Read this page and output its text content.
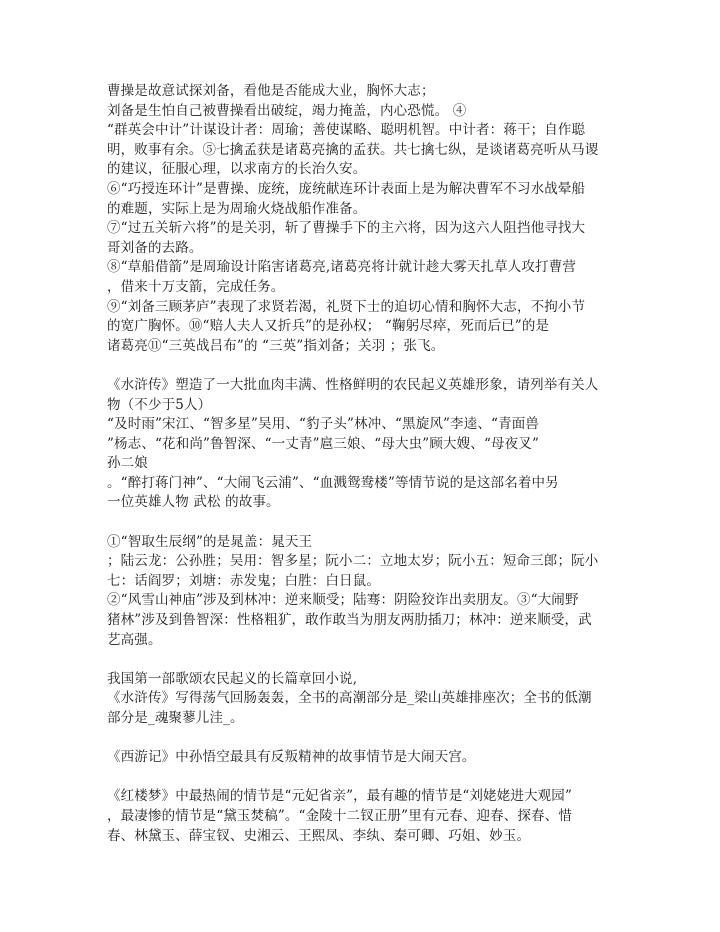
曹操是故意试探刘备，看他是否能成大业，胸怀大志；
刘备是生怕自己被曹操看出破绽，竭力掩盖，内心恐慌。 ④
“群英会中计”计谋设计者：周瑜；善使谋略、聪明机智。中计者：蒋干；自作聪
明，败事有余。⑤七擒孟获是诸葛亮擒的孟获。共七擒七纵，是谈诸葛亮听从马谡
的建议，征服心理，以求南方的长治久安。
⑥“巧授连环计”是曹操、庞统，庞统献连环计表面上是为解决曹军不习水战晕船
的难题，实际上是为周瑜火烧战船作准备。
⑦“过五关斩六将”的是关羽，斩了曹操手下的主六将，因为这六人阻挡他寻找大
哥刘备的去路。
⑧“草船借箭”是周瑜设计陷害诸葛亮,诸葛亮将计就计趁大雾天扎草人攻打曹营
，借来十万支箭，完成任务。
⑨“刘备三顾茅庐”表现了求贤若渴，礼贤下士的迫切心情和胸怀大志，不拘小节
的宽广胸怀。⑩“赔人夫人又折兵”的是孙权； “鞠躬尽瘁，死而后已”的是
诸葛亮⑪“三英战吕布”的 “三英”指刘备；关羽 ；张飞。
《水浒传》塑造了一大批血肉丰满、性格鲜明的农民起义英雄形象，请列举有关人
物（不少于5人）
“及时雨”宋江、“智多星”吴用、“豹子头”林冲、“黑旋风”李逵、“青面兽
”杨志、“花和尚”鲁智深、“一丈青”扈三娘、“母大虫”顾大嫂、“母夜叉”
孙二娘
。“醉打蒋门神”、“大闹飞云浦”、“血溅鸳鸯楼”等情节说的是这部名着中另
一位英雄人物 武松 的故事。
①“智取生辰纲”的是晁盖：晁天王
；陆云龙：公孙胜；吴用：智多星；阮小二：立地太岁；阮小五：短命三郎；阮小
七：话阎罗；刘塘：赤发鬼；白胜：白日鼠。
②“风雪山神庙”涉及到林冲：逆来顺受；陆骞：阴险狡诈出卖朋友。③“大闹野
猪林”涉及到鲁智深：性格粗犷，敢作敢当为朋友两肋插刀；林冲：逆来顺受，武
艺高强。
我国第一部歌颂农民起义的长篇章回小说,
《水浒传》写得荡气回肠轰轰，全书的高潮部分是_梁山英雄排座次；全书的低潮
部分是_魂聚蓼儿洼_。
《西游记》中孙悟空最具有反叛精神的故事情节是大闹天宫。
《红楼梦》中最热闹的情节是“元妃省亲”，最有趣的情节是“刘姥姥进大观园”
，最凄惨的情节是“黛玉焚稿”。“金陵十二钗正册”里有元春、迎春、探春、惜
春、林黛玉、薛宝钗、史湘云、王熙凤、李纨、秦可卿、巧姐、妙玉。
